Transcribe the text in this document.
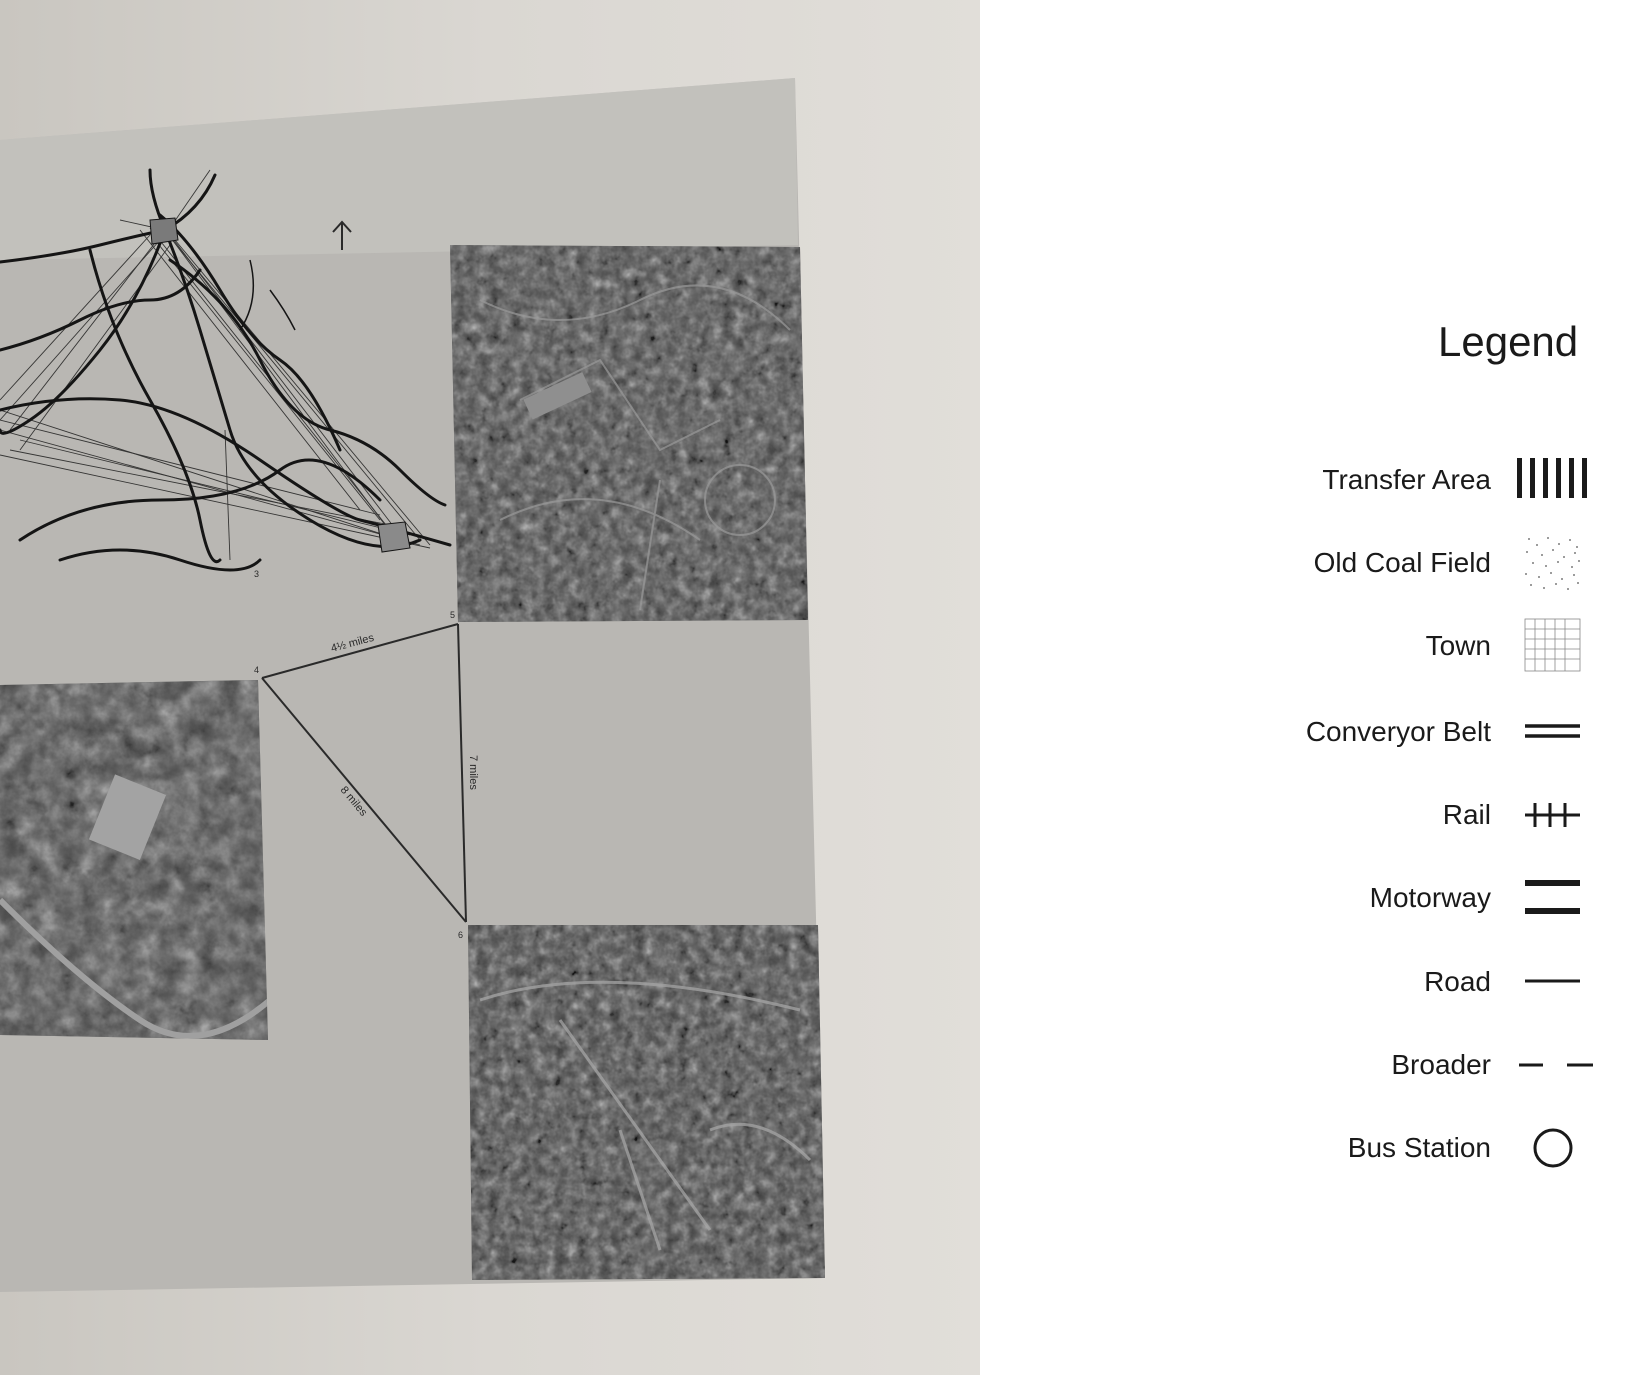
3
4
5
6
4½ miles
7 miles
8 miles
Legend
Transfer Area
Old Coal Field
Town
Converyor Belt
Rail
Motorway
Road
Broader
Bus Station
